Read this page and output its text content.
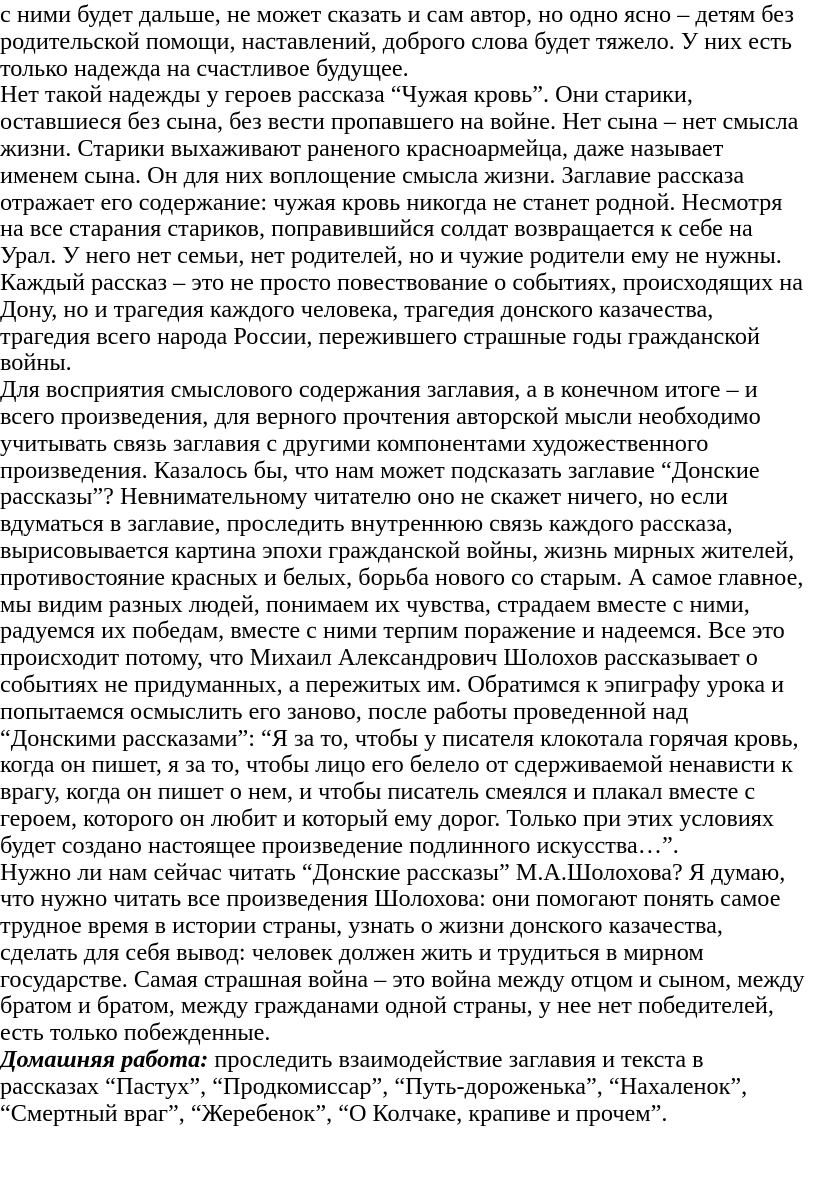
с ними будет дальше, не может сказать и сам автор, но одно ясно – детям без
родительской помощи, наставлений, доброго слова будет тяжело. У них есть
только надежда на счастливое будущее.
Нет такой надежды у героев рассказа “Чужая кровь”. Они старики,
оставшиеся без сына, без вести пропавшего на войне. Нет сына – нет смысла
жизни. Старики выхаживают раненого красноармейца, даже называет
именем сына. Он для них воплощение смысла жизни. Заглавие рассказа
отражает его содержание: чужая кровь никогда не станет родной. Несмотря
на все старания стариков, поправившийся солдат возвращается к себе на
Урал. У него нет семьи, нет родителей, но и чужие родители ему не нужны.
Каждый рассказ – это не просто повествование о событиях, происходящих на
Дону, но и трагедия каждого человека, трагедия донского казачества,
трагедия всего народа России, пережившего страшные годы гражданской
войны.
Для восприятия смыслового содержания заглавия, а в конечном итоге – и
всего произведения, для верного прочтения авторской мысли необходимо
учитывать связь заглавия с другими компонентами художественного
произведения. Казалось бы, что нам может подсказать заглавие “Донские
рассказы”? Невнимательному читателю оно не скажет ничего, но если
вдуматься в заглавие, проследить внутреннюю связь каждого рассказа,
вырисовывается картина эпохи гражданской войны, жизнь мирных жителей,
противостояние красных и белых, борьба нового со старым. А самое главное,
мы видим разных людей, понимаем их чувства, страдаем вместе с ними,
радуемся их победам, вместе с ними терпим поражение и надеемся. Все это
происходит потому, что Михаил Александрович Шолохов рассказывает о
событиях не придуманных, а пережитых им. Обратимся к эпиграфу урока и
попытаемся осмыслить его заново, после работы проведенной над
“Донскими рассказами”: “Я за то, чтобы у писателя клокотала горячая кровь,
когда он пишет, я за то, чтобы лицо его белело от сдерживаемой ненависти к
врагу, когда он пишет о нем, и чтобы писатель смеялся и плакал вместе с
героем, которого он любит и который ему дорог. Только при этих условиях
будет создано настоящее произведение подлинного искусства…”.
Нужно ли нам сейчас читать “Донские рассказы” М.А.Шолохова? Я думаю,
что нужно читать все произведения Шолохова: они помогают понять самое
трудное время в истории страны, узнать о жизни донского казачества,
сделать для себя вывод: человек должен жить и трудиться в мирном
государстве. Самая страшная война – это война между отцом и сыном, между
братом и братом, между гражданами одной страны, у нее нет победителей,
есть только побежденные.
Домашняя работа: проследить взаимодействие заглавия и текста в
рассказах “Пастух”, “Продкомиссар”, “Путь-дороженька”, “Нахаленок”,
“Смертный враг”, “Жеребенок”, “О Колчаке, крапиве и прочем”.
